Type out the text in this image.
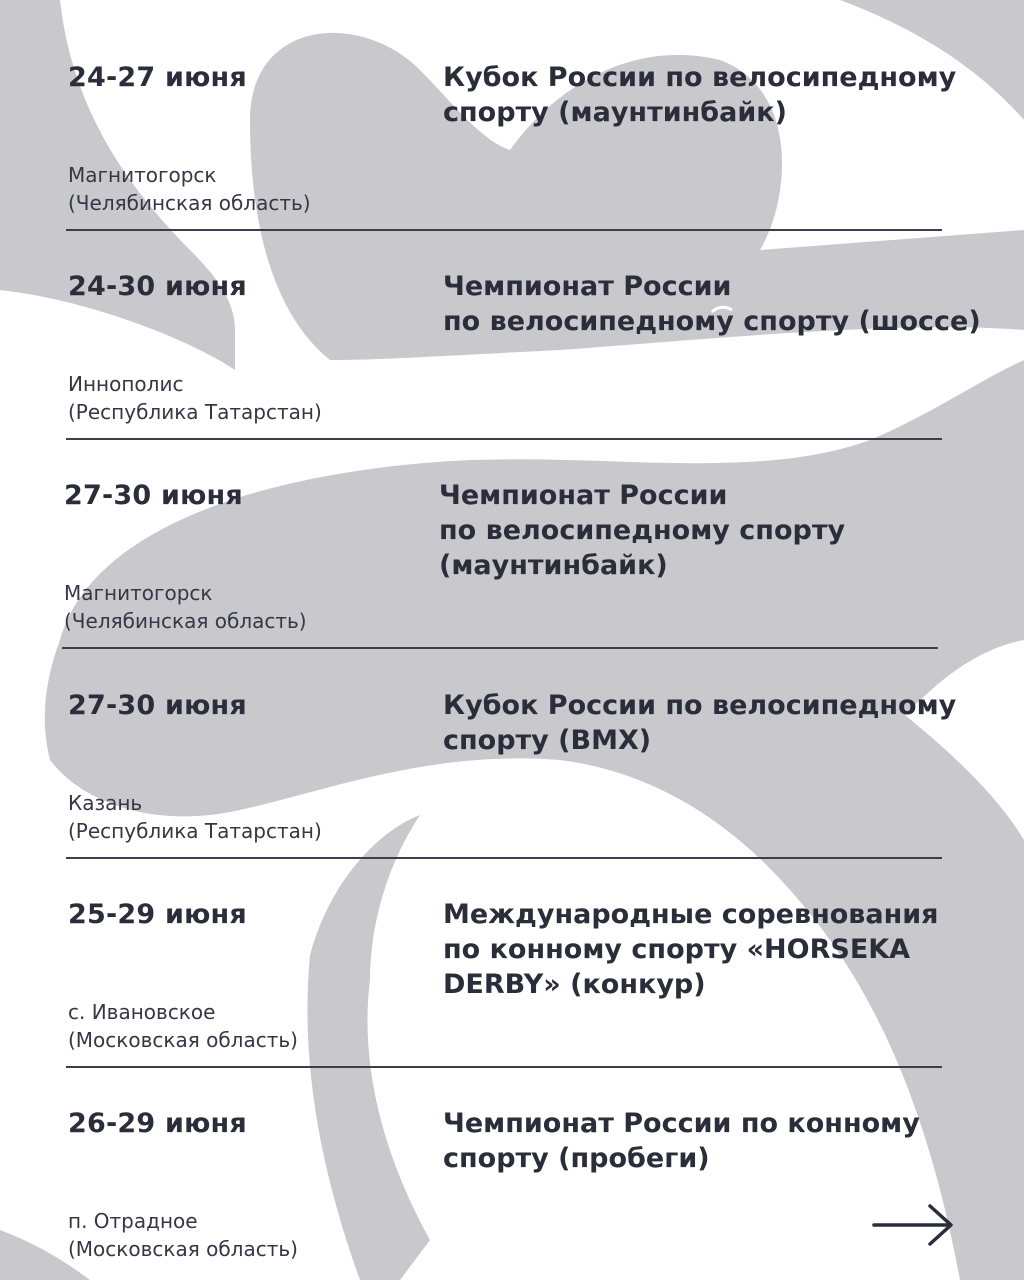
24-27 июня	Кубок России по велосипедному
спорту (маунтинбайк)
Магнитогорск
(Челябинская область)
24-30 июня	Чемпионат России
по велосипедному спорту (шоссе)
Иннополис
(Республика Татарстан)
27-30 июня	Чемпионат России
по велосипедному спорту
(маунтинбайк)
Магнитогорск
(Челябинская область)
27-30 июня	Кубок России по велосипедному
спорту (BMX)
Казань
(Республика Татарстан)
25-29 июня	Международные соревнования
по конному спорту «HORSEKA
DERBY» (конкур)
с. Ивановское
(Московская область)
26-29 июня	Чемпионат России по конному
спорту (пробеги)
п. Отрадное
(Московская область)
